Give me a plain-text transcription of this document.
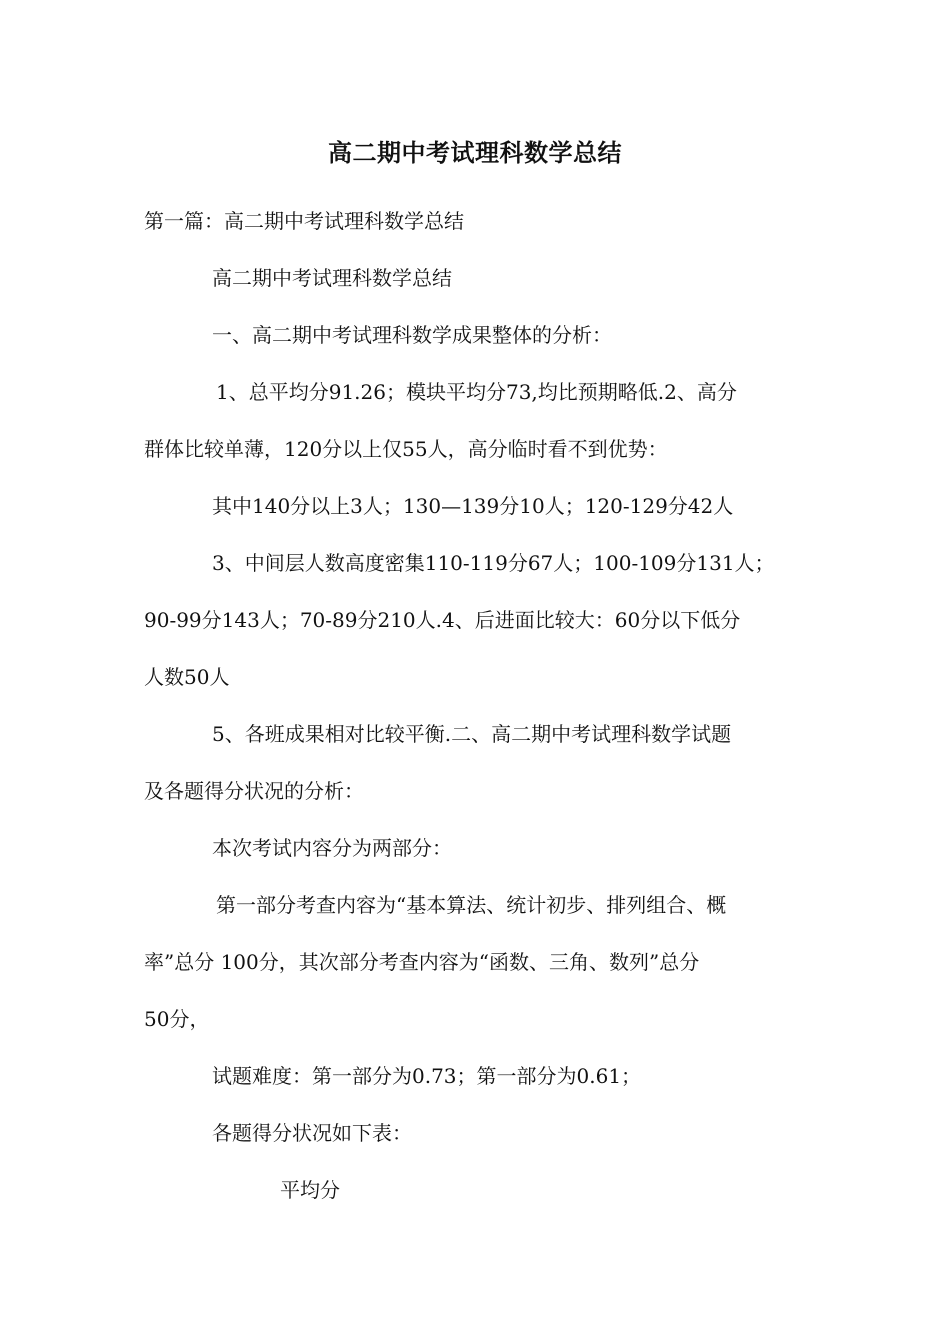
高二期中考试理科数学总结
第一篇：高二期中考试理科数学总结
高二期中考试理科数学总结
一、高二期中考试理科数学成果整体的分析：
1、总平均分91.26；模块平均分73,均比预期略低.2、高分
群体比较单薄，120分以上仅55人，高分临时看不到优势：
其中140分以上3人；130—139分10人；120-129分42人
3、中间层人数高度密集110-119分67人；100-109分131人；
90-99分143人；70-89分210人.4、后进面比较大：60分以下低分
人数50人
5、各班成果相对比较平衡.二、高二期中考试理科数学试题
及各题得分状况的分析：
本次考试内容分为两部分：
第一部分考查内容为“基本算法、统计初步、排列组合、概
率”总分 100分，其次部分考查内容为“函数、三角、数列”总分
50分，
试题难度：第一部分为0.73；第一部分为0.61；
各题得分状况如下表：
平均分
